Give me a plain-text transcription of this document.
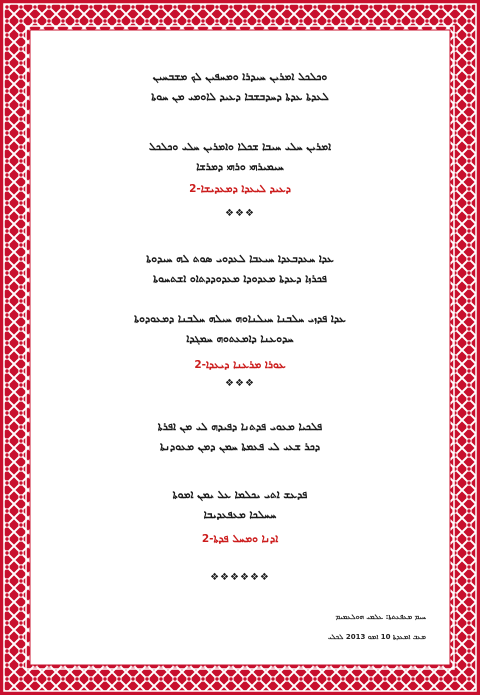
ܘܟܠܟܠ ܐܡܪܝܢ ܚܝܕܪܐ ܘܡܚܦܝܢ ܠܟ ܡܫܒܚܝܢ
ܠܥܕܬܐ ܥܕܬܐ ܕܚܕܒܫܒܐ ܕܥܝܕ ܠܐܘܡܝ ܡܢ ܚܘܬܐ
ܐܡܪܝܢ ܚܠܝ ܚܝܒܐ ܫܟܠܐ ܘܐܡܪܝܢ ܚܠܝ ܘܟܠܟܠ
ܚܝܡܝܪܗܝ ܘܪܗܝ ܕܡܪܫܐ
ܕܥܝܕ ܠܝܥܕܐ ܕܡܥܕܝܫܐ-2
❖❖❖
ܥܕܐ ܚܥܕܒܥܕܐ ܚܝܥܒܐ ܠܥܕܘܝ ܣܘܬ ܠܗ ܚܝܕܘܬܐ
ܦܟܪܙܐ ܕܥܕܬܐ ܡܥܕܘܕܐ ܡܥܕܘܕܕܬܐܘ ܐܫܬܚܘܬܐ
ܥܕܐ ܦܕܙܝ ܚܠܒܢܐ ܚܝܠܢܐܘܗ ܚܝܠܗ ܚܠܒܢܐ ܕܡܥܘܕܘܬܐ
ܚܕܘܥܢܐ ܕܐܡܥܬܘܗ ܚܡܓܕܐ
ܥܘܪܐ ܡܪܥܢܐ ܕܝܥܕܐ-2
❖❖❖
ܦܠܟܝܐ ܡܥܘܝ ܦܕܬܢܐ ܕܦܝܕܗ ܠܝ ܡܢ ܐܦܪܬܐ
ܕܟܪ ܫܥܝ ܠܝ ܦܥܡܬܐ ܚܡܢ ܕܡܢ ܡܥܘܕܢܬܐ
ܦܕܥܫ ܐܬܝ ܝܟܠܡܐ ܥܠ ܝܡܢ ܐܡܘܬܐ
ܚܚܠܟܐ ܡܥܦܥܕܝܒܐ
ܐܕܢܐ ܘܡܚܠ ܦܕܬܐ-2
❖❖❖❖❖❖
ܚܝܡ ܡܥܦܥܬܬܐ: ܥܠܡܝ ܗܘܠܥܡܝܡ
ܡܥܒ ܐܡܥܕܬܐ 10 ܐܡܘ 2013 ܠܟܠܝ
